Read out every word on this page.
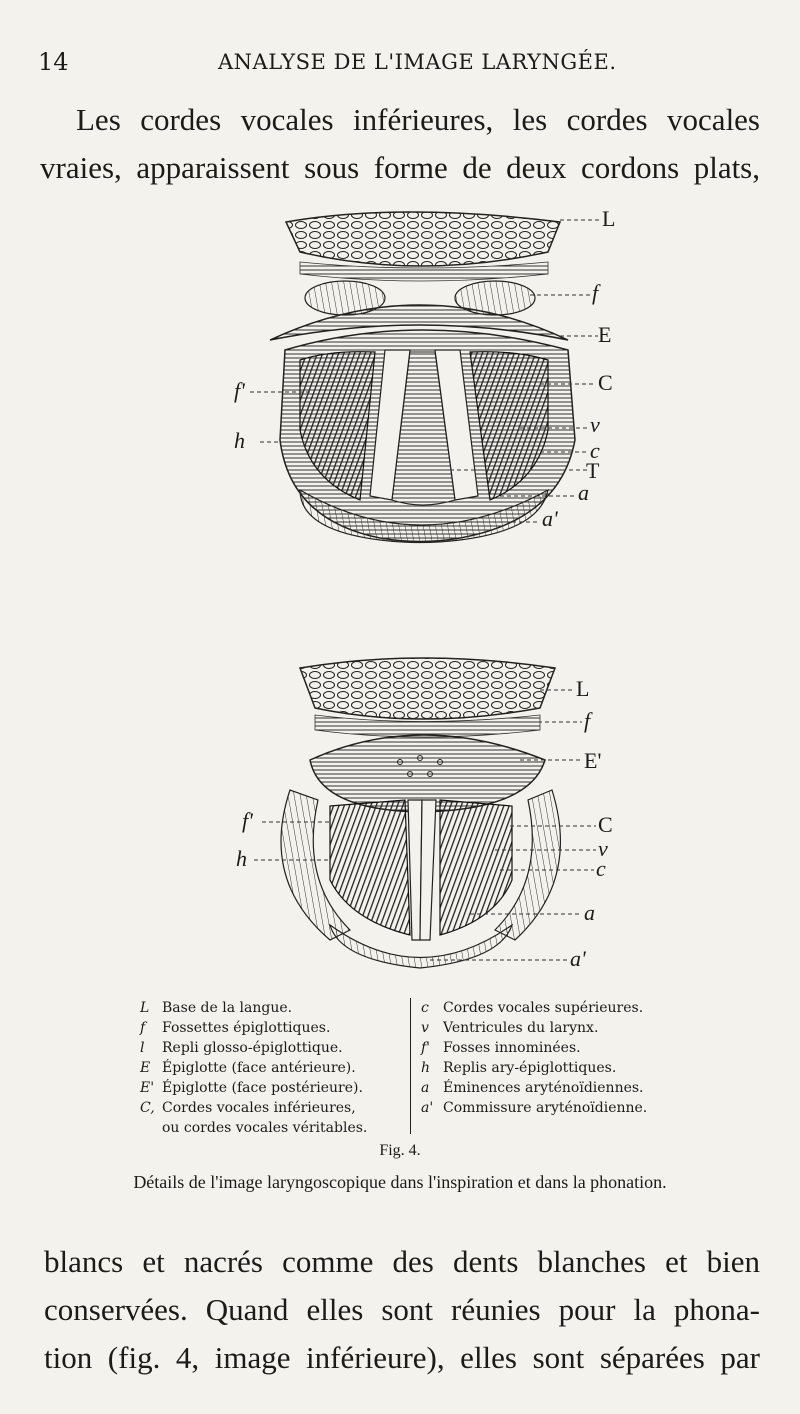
14	ANALYSE DE L'IMAGE LARYNGÉE.
Les cordes vocales inférieures, les cordes vocales
vraies, apparaissent sous forme de deux cordons plats,
L
f
E
f'	C
v
h	c
T
a
a'
L
f
E'
f'	C
v
h	c
a
a'
L Base de la langue.
f Fossettes épiglottiques.
l Repli glosso-épiglottique.
E Épiglotte (face antérieure).
E' Épiglotte (face postérieure).
C, Cordes vocales inférieures,
ou cordes vocales véritables.
c Cordes vocales supérieures.
v Ventricules du larynx.
f' Fosses innominées.
h Replis ary-épiglottiques.
a Éminences aryténoïdiennes.
a' Commissure aryténoïdienne.
Fig. 4.
Détails de l'image laryngoscopique dans l'inspiration et dans la phonation.
blancs et nacrés comme des dents blanches et bien
conservées. Quand elles sont réunies pour la phona-
tion (fig. 4, image inférieure), elles sont séparées par
